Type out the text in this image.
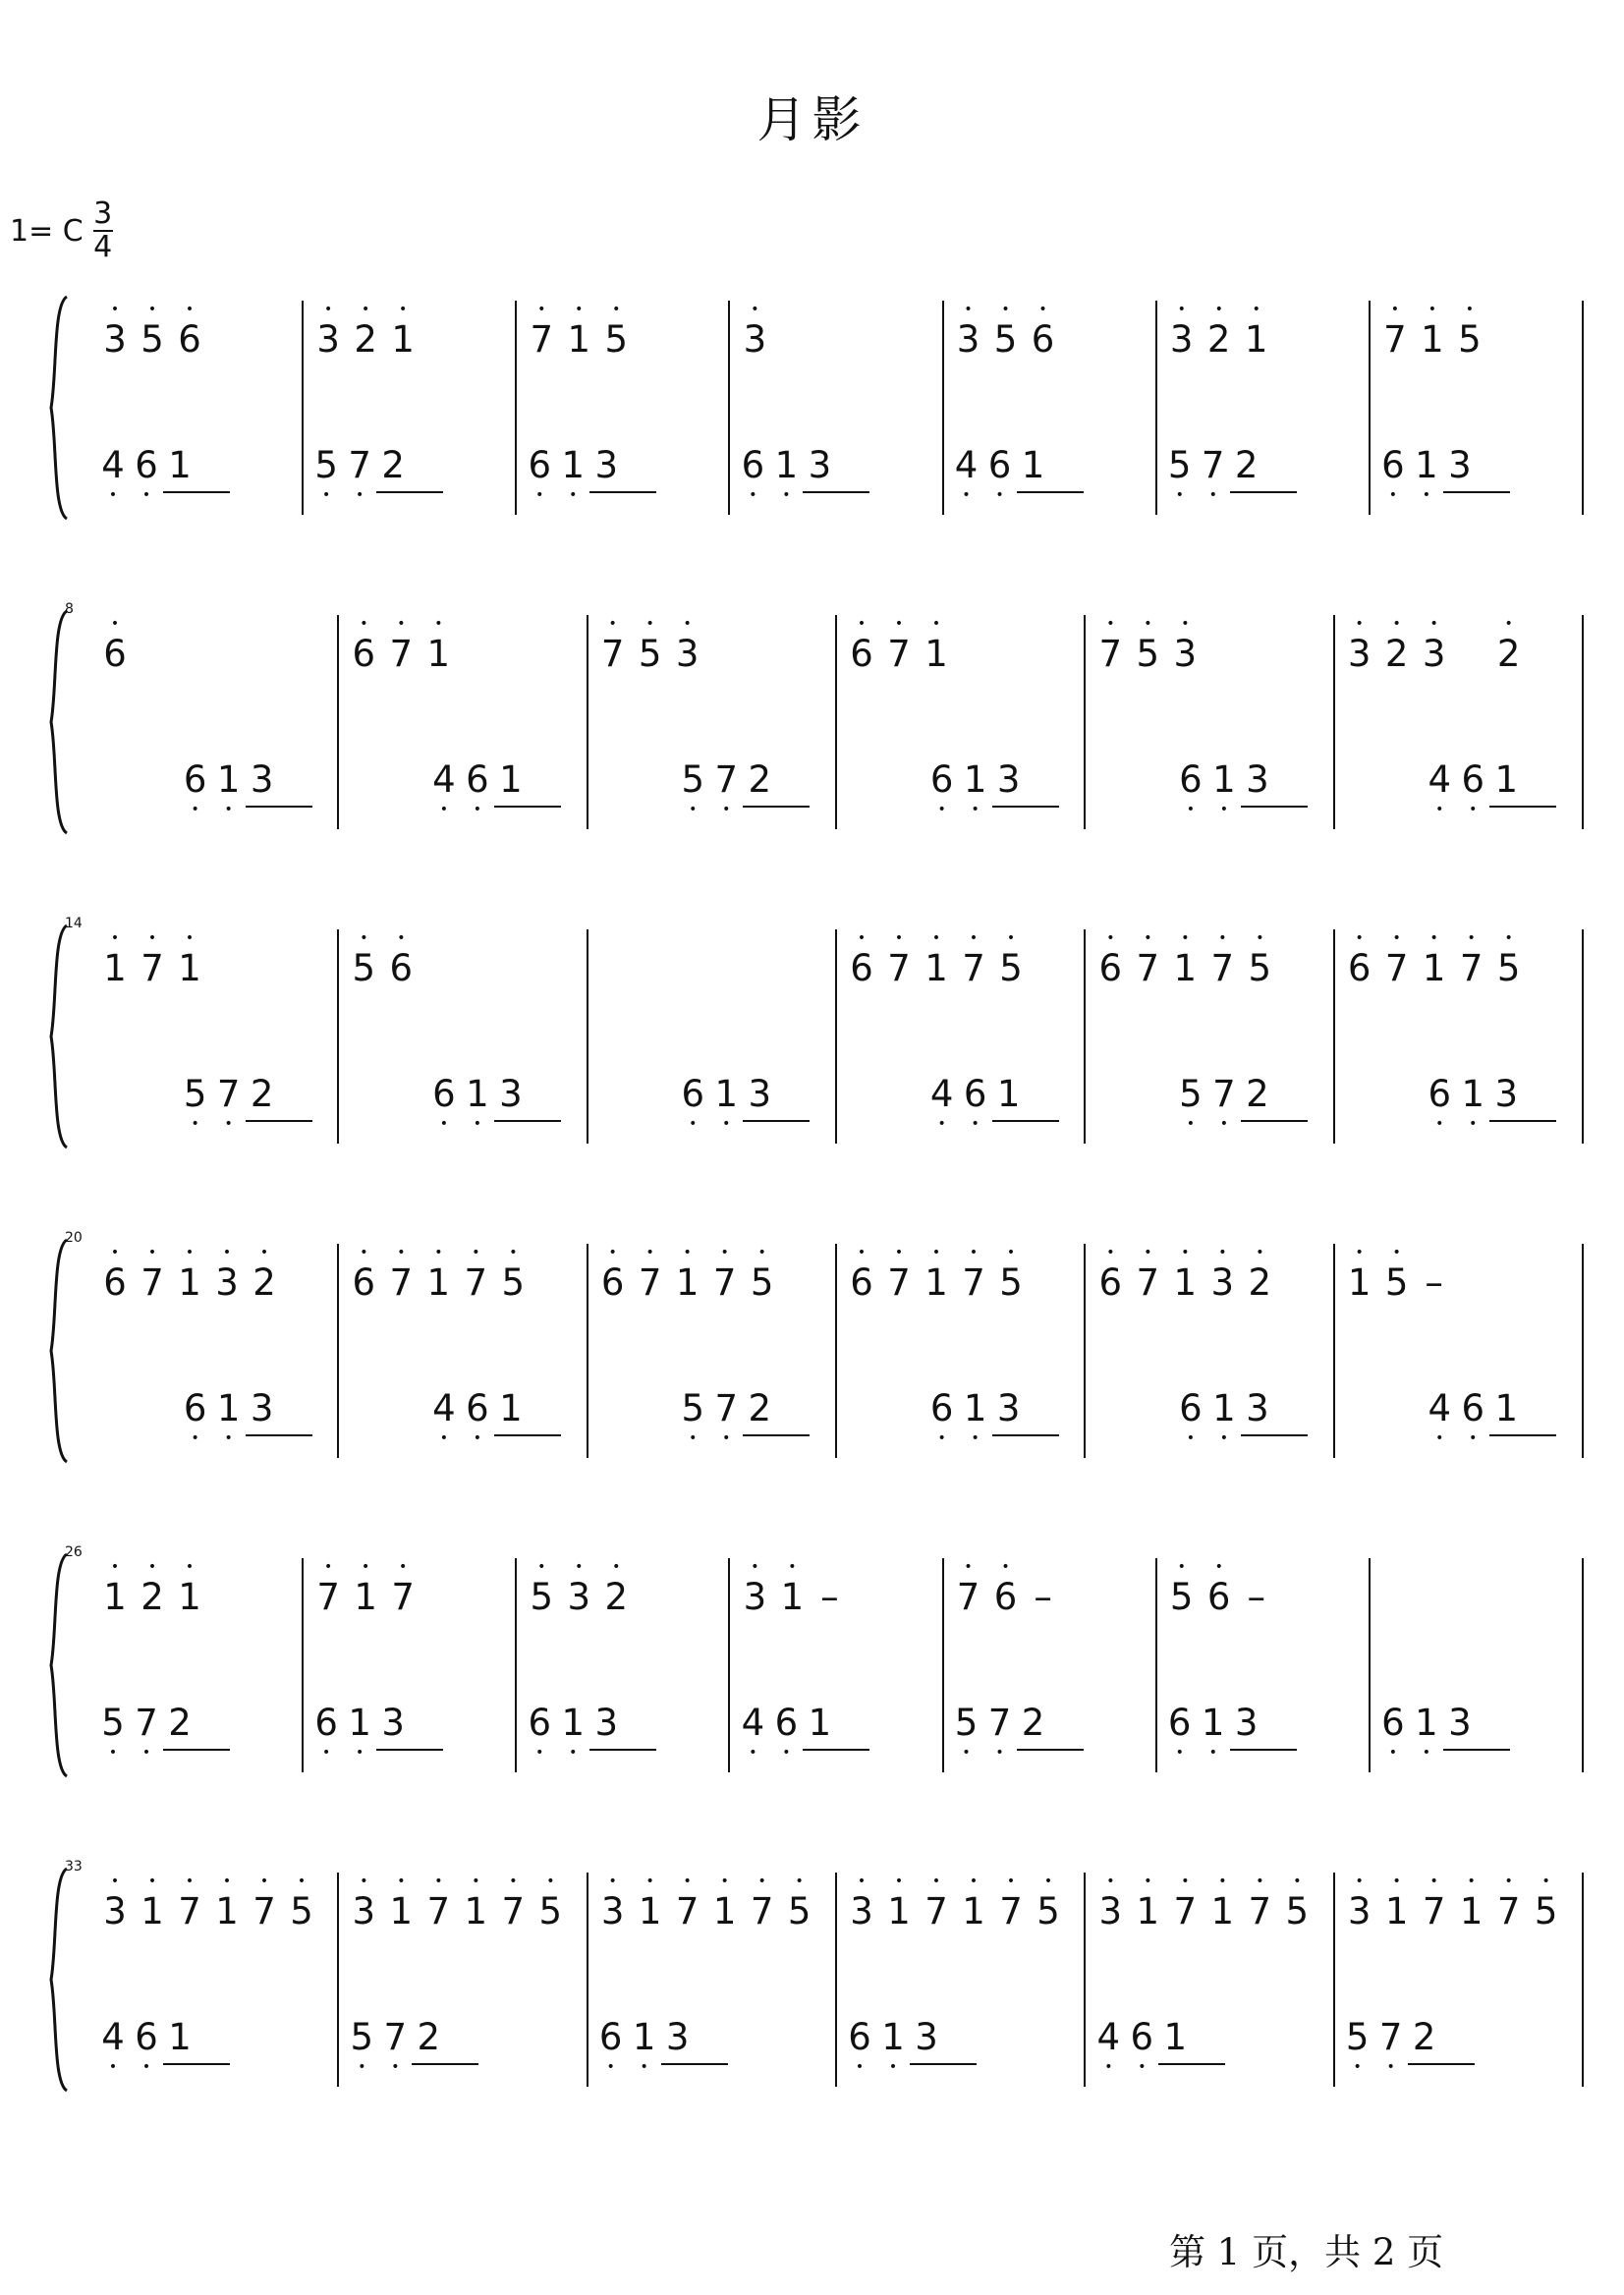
月影
1= C $\frac{3}{4}$
• 3 • 5 • 6
4 • 6 • 1
• 3 • 2 • 1
5 • 7 • 2
• 7 • 1 • 5
6 • 1 • 3
• 3
6 • 1 • 3
• 3 • 5 • 6
4 • 6 • 1
• 3 • 2 • 1
5 • 7 • 2
• 7 • 1 • 5
6 • 1 • 3
8
• 6
6 • 1 • 3
• 6 • 7 • 1
4 • 6 • 1
• 7 • 5 • 3
5 • 7 • 2
• 6 • 7 • 1
6 • 1 • 3
• 7 • 5 • 3
6 • 1 • 3
• 3 • 2 • 3 • 2
4 • 6 • 1
14
• 1 • 7 • 1
5 • 7 • 2
• 5 • 6
6 • 1 • 3	6 • 1 • 3
• 6 • 7 • 1 • 7 • 5
4 • 6 • 1
• 6 • 7 • 1 • 7 • 5
5 • 7 • 2
• 6 • 7 • 1 • 7 • 5
6 • 1 • 3
20
• 6 • 7 • 1 • 3 • 2
6 • 1 • 3
• 6 • 7 • 1 • 7 • 5
4 • 6 • 1
• 6 • 7 • 1 • 7 • 5
5 • 7 • 2
• 6 • 7 • 1 • 7 • 5
6 • 1 • 3
• 6 • 7 • 1 • 3 • 2
6 • 1 • 3
• 1 • 5 –
4 • 6 • 1
26
• 1 • 2 • 1
5 • 7 • 2
• 7 • 1 • 7
6 • 1 • 3
• 5 • 3 • 2
6 • 1 • 3
• 3 • 1 –
4 • 6 • 1
• 7 • 6 –
5 • 7 • 2
• 5 • 6 –
6 • 1 • 3	6 • 1 • 3
33
• 3 • 1 • 7 • 1 • 7 • 5
4 • 6 • 1
• 3 • 1 • 7 • 1 • 7 • 5
5 • 7 • 2
• 3 • 1 • 7 • 1 • 7 • 5
6 • 1 • 3
• 3 • 1 • 7 • 1 • 7 • 5
6 • 1 • 3
• 3 • 1 • 7 • 1 • 7 • 5
4 • 6 • 1
• 3 • 1 • 7 • 1 • 7 • 5
5 • 7 • 2
第 1 页，共 2 页
